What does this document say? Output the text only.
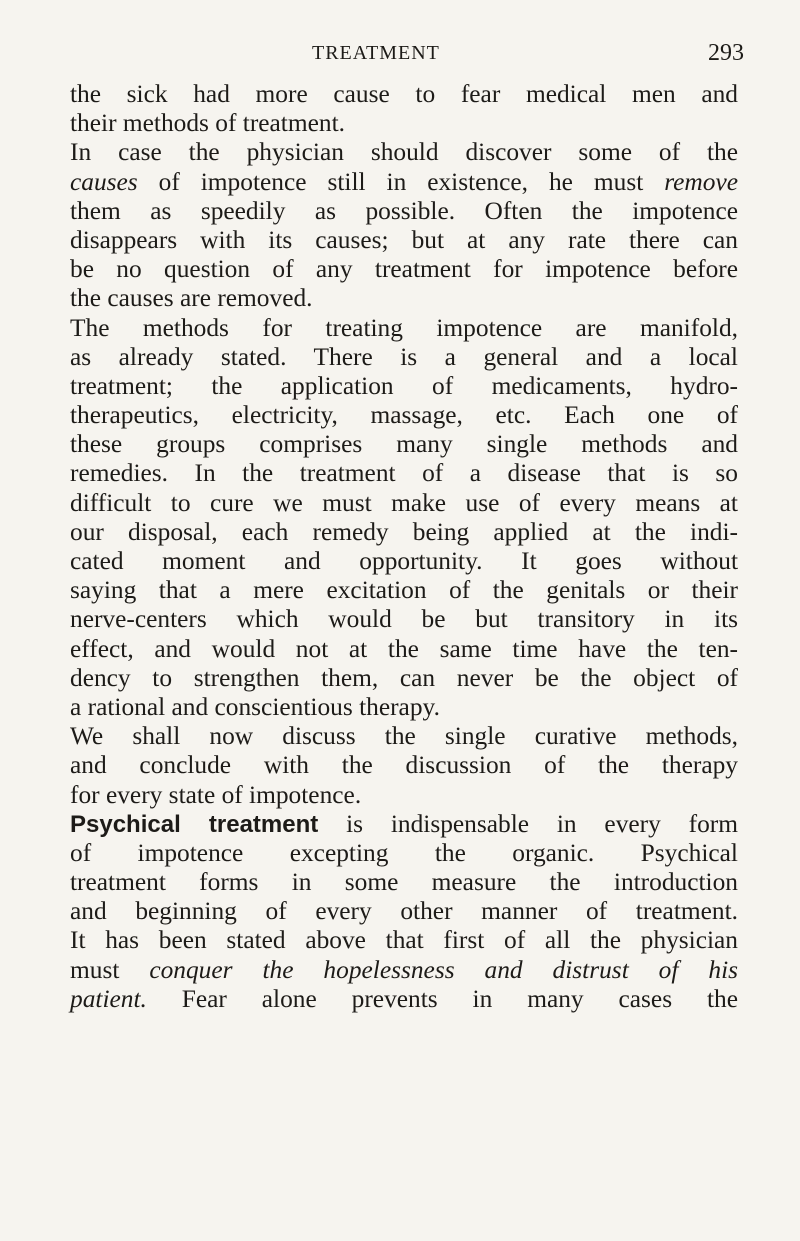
TREATMENT	293
the sick had more cause to fear medical men and
their methods of treatment.
In case the physician should discover some of the
causes of impotence still in existence, he must remove
them as speedily as possible. Often the impotence
disappears with its causes; but at any rate there can
be no question of any treatment for impotence before
the causes are removed.
The methods for treating impotence are manifold,
as already stated. There is a general and a local
treatment; the application of medicaments, hydro-
therapeutics, electricity, massage, etc. Each one of
these groups comprises many single methods and
remedies. In the treatment of a disease that is so
difficult to cure we must make use of every means at
our disposal, each remedy being applied at the indi-
cated moment and opportunity. It goes without
saying that a mere excitation of the genitals or their
nerve-centers which would be but transitory in its
effect, and would not at the same time have the ten-
dency to strengthen them, can never be the object of
a rational and conscientious therapy.
We shall now discuss the single curative methods,
and conclude with the discussion of the therapy
for every state of impotence.
Psychical treatment is indispensable in every form
of impotence excepting the organic. Psychical
treatment forms in some measure the introduction
and beginning of every other manner of treatment.
It has been stated above that first of all the physician
must conquer the hopelessness and distrust of his
patient. Fear alone prevents in many cases the
